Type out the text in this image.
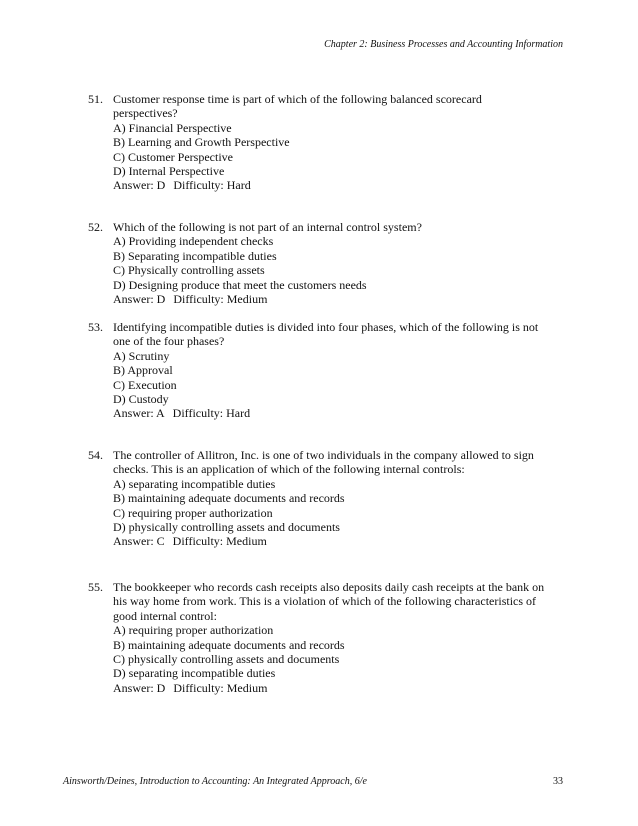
Chapter 2: Business Processes and Accounting Information
51. Customer response time is part of which of the following balanced scorecard
perspectives?
A) Financial Perspective
B) Learning and Growth Perspective
C) Customer Perspective
D) Internal Perspective
Answer: D Difficulty: Hard
52. Which of the following is not part of an internal control system?
A) Providing independent checks
B) Separating incompatible duties
C) Physically controlling assets
D) Designing produce that meet the customers needs
Answer: D Difficulty: Medium
53. Identifying incompatible duties is divided into four phases, which of the following is not
one of the four phases?
A) Scrutiny
B) Approval
C) Execution
D) Custody
Answer: A Difficulty: Hard
54. The controller of Allitron, Inc. is one of two individuals in the company allowed to sign
checks. This is an application of which of the following internal controls:
A) separating incompatible duties
B) maintaining adequate documents and records
C) requiring proper authorization
D) physically controlling assets and documents
Answer: C Difficulty: Medium
55. The bookkeeper who records cash receipts also deposits daily cash receipts at the bank on
his way home from work. This is a violation of which of the following characteristics of
good internal control:
A) requiring proper authorization
B) maintaining adequate documents and records
C) physically controlling assets and documents
D) separating incompatible duties
Answer: D Difficulty: Medium
Ainsworth/Deines, Introduction to Accounting: An Integrated Approach, 6/e	33
